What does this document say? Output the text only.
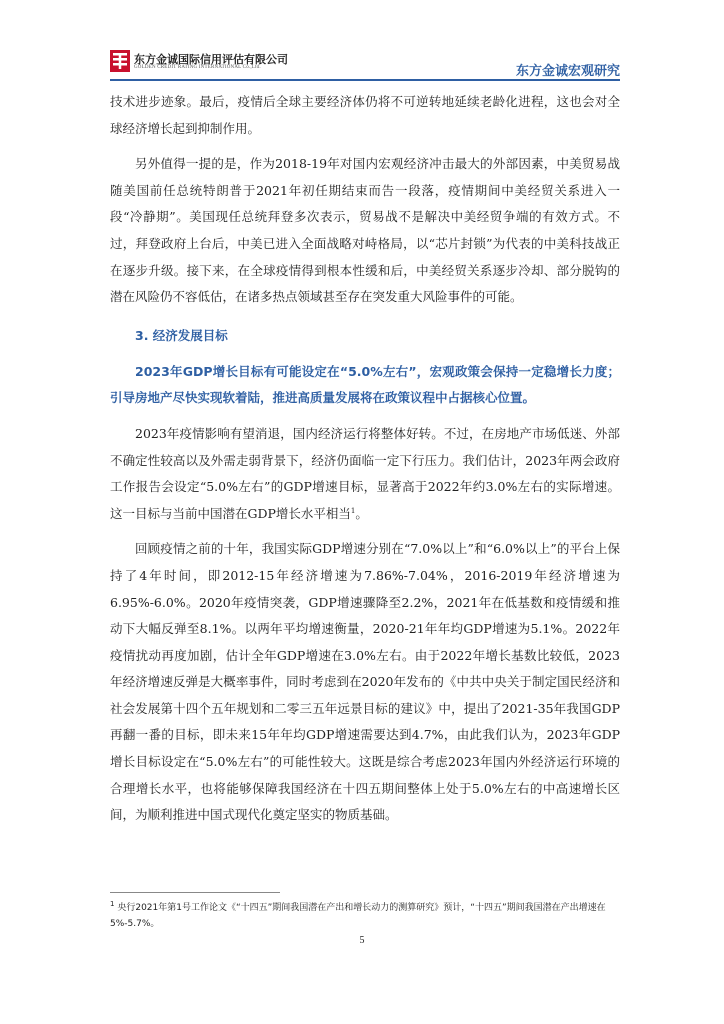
东方金诚国际信用评估有限公司
GOLDEN CREDIT RATING INTERNATIONAL Co.,Ltd.	东方金诚宏观研究

技术进步迹象。最后，疫情后全球主要经济体仍将不可逆转地延续老龄化进程，这也会对全球经济增长起到抑制作用。

另外值得一提的是，作为2018-19年对国内宏观经济冲击最大的外部因素，中美贸易战随美国前任总统特朗普于2021年初任期结束而告一段落，疫情期间中美经贸关系进入一段“冷静期”。美国现任总统拜登多次表示，贸易战不是解决中美经贸争端的有效方式。不过，拜登政府上台后，中美已进入全面战略对峙格局，以“芯片封锁”为代表的中美科技战正在逐步升级。接下来，在全球疫情得到根本性缓和后，中美经贸关系逐步冷却、部分脱钩的潜在风险仍不容低估，在诸多热点领域甚至存在突发重大风险事件的可能。

3. 经济发展目标

2023年GDP增长目标有可能设定在“5.0%左右”，宏观政策会保持一定稳增长力度；引导房地产尽快实现软着陆，推进高质量发展将在政策议程中占据核心位置。

2023年疫情影响有望消退，国内经济运行将整体好转。不过，在房地产市场低迷、外部不确定性较高以及外需走弱背景下，经济仍面临一定下行压力。我们估计，2023年两会政府工作报告会设定“5.0%左右”的GDP增速目标，显著高于2022年约3.0%左右的实际增速。这一目标与当前中国潜在GDP增长水平相当$^1$。

回顾疫情之前的十年，我国实际GDP增速分别在“7.0%以上”和“6.0%以上”的平台上保持了4年时间，即2012-15年经济增速为7.86%-7.04%，2016-2019年经济增速为6.95%-6.0%。2020年疫情突袭，GDP增速骤降至2.2%，2021年在低基数和疫情缓和推动下大幅反弹至8.1%。以两年平均增速衡量，2020-21年年均GDP增速为5.1%。2022年疫情扰动再度加剧，估计全年GDP增速在3.0%左右。由于2022年增长基数比较低，2023年经济增速反弹是大概率事件，同时考虑到在2020年发布的《中共中央关于制定国民经济和社会发展第十四个五年规划和二零三五年远景目标的建议》中，提出了2021-35年我国GDP再翻一番的目标，即未来15年年均GDP增速需要达到4.7%，由此我们认为，2023年GDP增长目标设定在“5.0%左右”的可能性较大。这既是综合考虑2023年国内外经济运行环境的合理增长水平，也将能够保障我国经济在十四五期间整体上处于5.0%左右的中高速增长区间，为顺利推进中国式现代化奠定坚实的物质基础。

$^1$ 央行2021年第1号工作论文《“十四五”期间我国潜在产出和增长动力的测算研究》预计，“十四五”期间我国潜在产出增速在5%-5.7%。
5
